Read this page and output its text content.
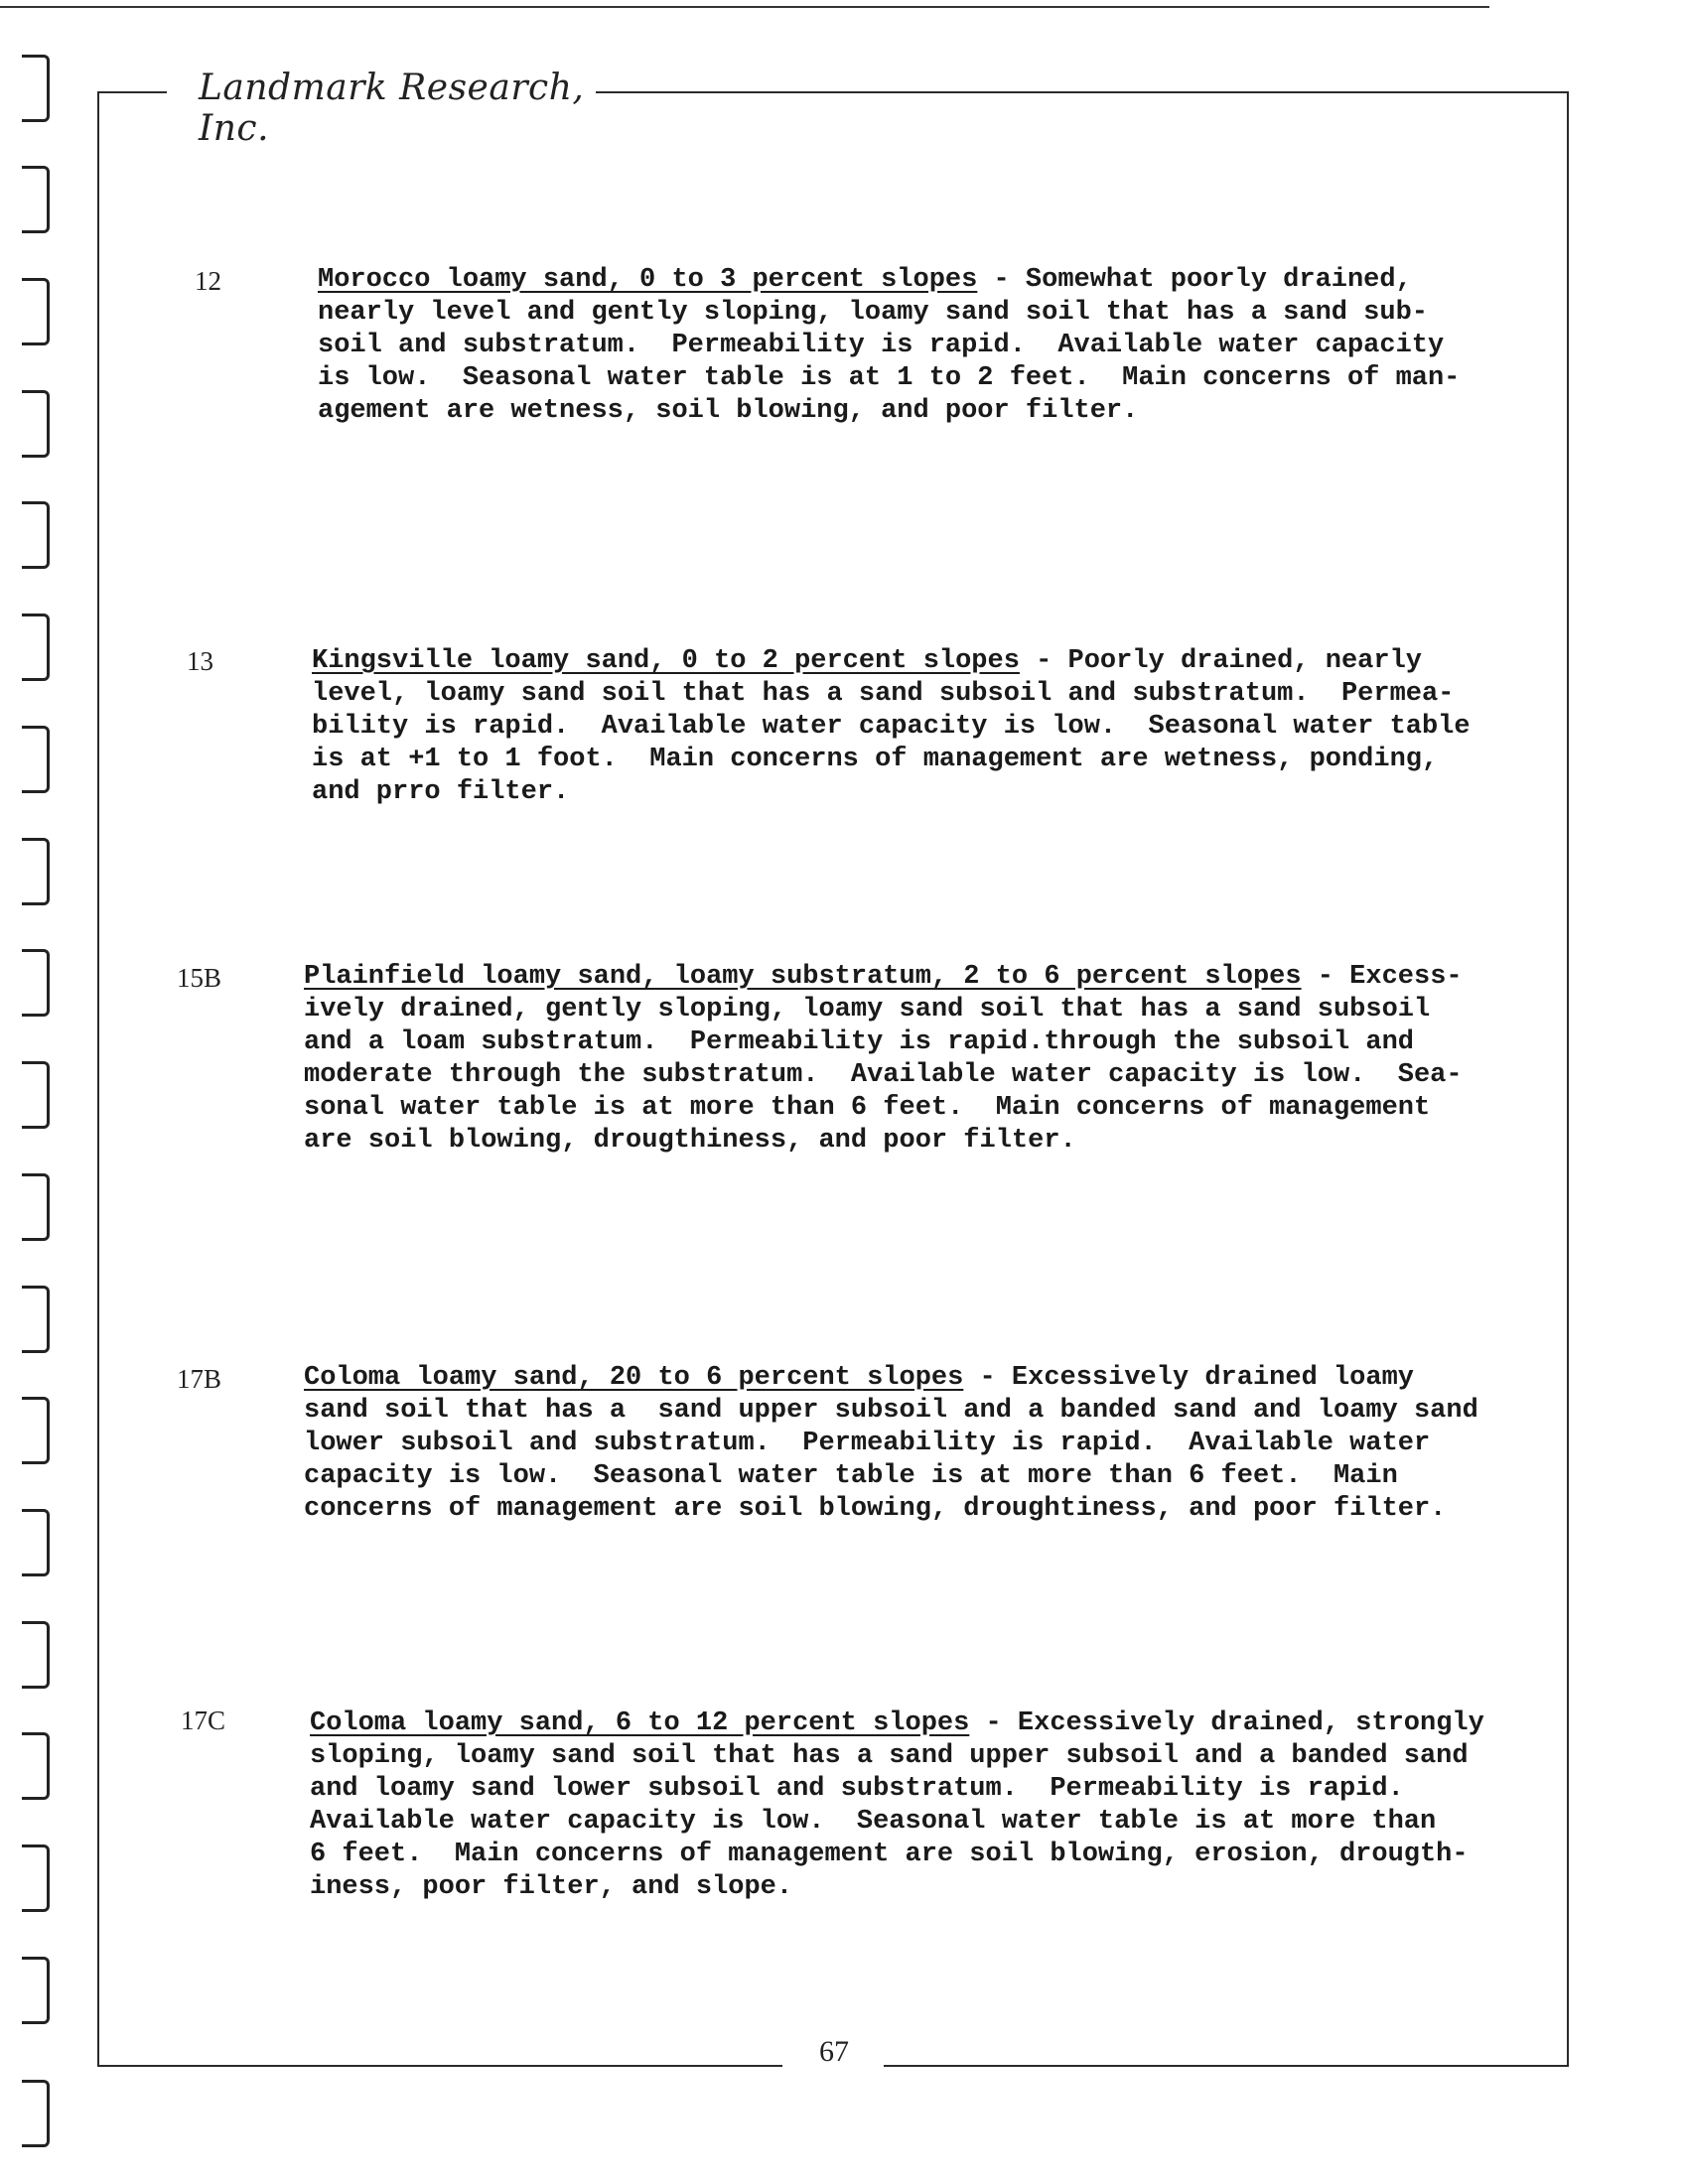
Landmark Research, Inc.
12	Morocco loamy sand, 0 to 3 percent slopes - Somewhat poorly drained,
nearly level and gently sloping, loamy sand soil that has a sand sub-
soil and substratum.  Permeability is rapid.  Available water capacity
is low.  Seasonal water table is at 1 to 2 feet.  Main concerns of man-
agement are wetness, soil blowing, and poor filter.
13	Kingsville loamy sand, 0 to 2 percent slopes - Poorly drained, nearly
level, loamy sand soil that has a sand subsoil and substratum.  Permea-
bility is rapid.  Available water capacity is low.  Seasonal water table
is at +1 to 1 foot.  Main concerns of management are wetness, ponding,
and prro filter.
15B	Plainfield loamy sand, loamy substratum, 2 to 6 percent slopes - Excess-
ively drained, gently sloping, loamy sand soil that has a sand subsoil
and a loam substratum.  Permeability is rapid.through the subsoil and
moderate through the substratum.  Available water capacity is low.  Sea-
sonal water table is at more than 6 feet.  Main concerns of management
are soil blowing, drougthiness, and poor filter.
17B	Coloma loamy sand, 20 to 6 percent slopes - Excessively drained loamy
sand soil that has a  sand upper subsoil and a banded sand and loamy sand
lower subsoil and substratum.  Permeability is rapid.  Available water
capacity is low.  Seasonal water table is at more than 6 feet.  Main
concerns of management are soil blowing, droughtiness, and poor filter.
17C	Coloma loamy sand, 6 to 12 percent slopes - Excessively drained, strongly
sloping, loamy sand soil that has a sand upper subsoil and a banded sand
and loamy sand lower subsoil and substratum.  Permeability is rapid.
Available water capacity is low.  Seasonal water table is at more than
6 feet.  Main concerns of management are soil blowing, erosion, drougth-
iness, poor filter, and slope.
67
